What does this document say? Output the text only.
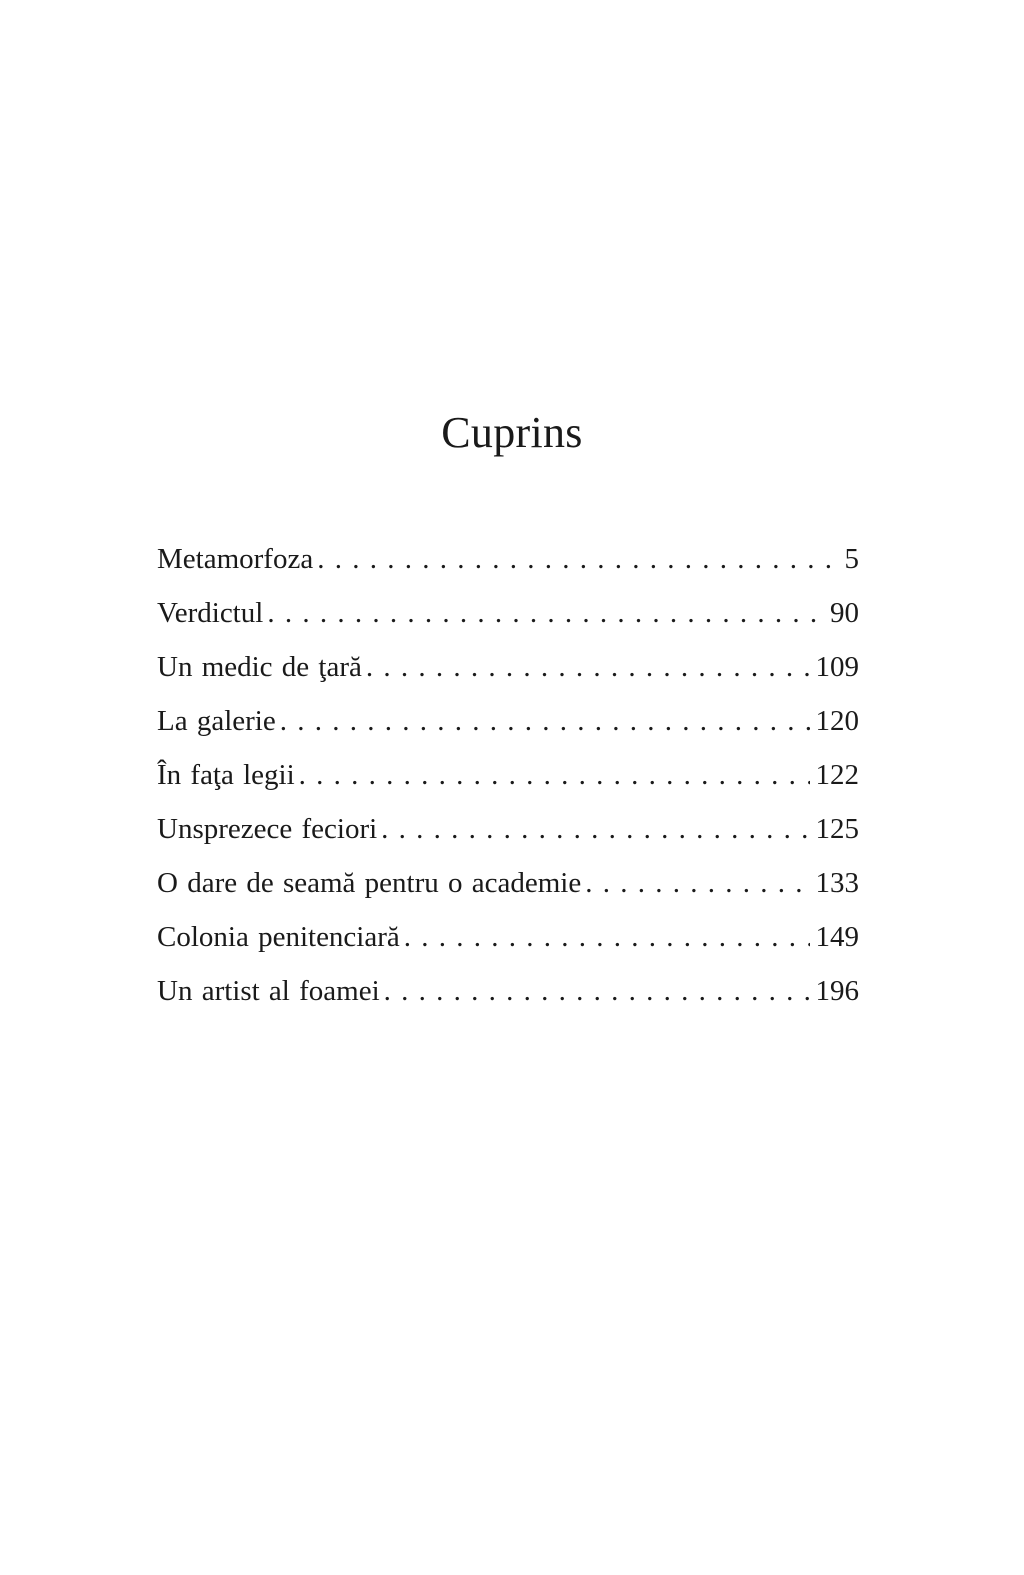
Cuprins
Metamorfoza . . .	5
Verdictul . . .	90
Un medic de ţară . . .	109
La galerie . . .	120
În faţa legii . . .	122
Unsprezece feciori . . .	125
O dare de seamă pentru o academie . . .	133
Colonia penitenciară . . .	149
Un artist al foamei . . .	196
